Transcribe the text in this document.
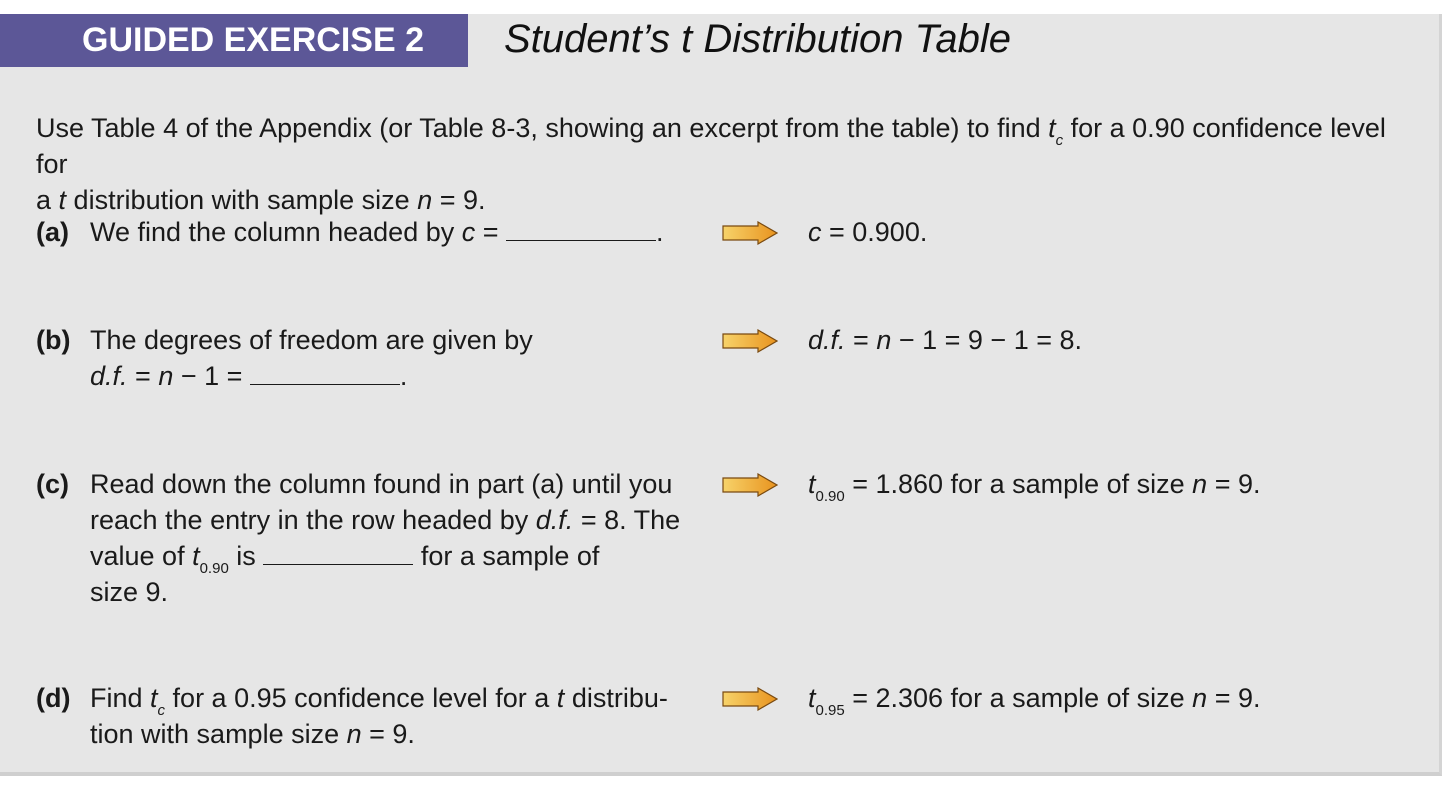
GUIDED EXERCISE 2	Student’s t Distribution Table
Use Table 4 of the Appendix (or Table 8-3, showing an excerpt from the table) to find $t_c$ for a 0.90 confidence level for
a t distribution with sample size n = 9.
(a) We find the column headed by c =	.	c = 0.900.
(b) The degrees of freedom are given by
d.f. = n − 1 =	.
d.f. = n − 1 = 9 − 1 = 8.
(c) Read down the column found in part (a) until you
reach the entry in the row headed by d.f. = 8. The
value of $t_{0.90}$ is	for a sample of
size 9.
$t_{0.90} = 1.860$ for a sample of size n = 9.
(d) Find $t_c$ for a 0.95 confidence level for a t distribu-
tion with sample size n = 9.
$t_{0.95} = 2.306$ for a sample of size n = 9.
